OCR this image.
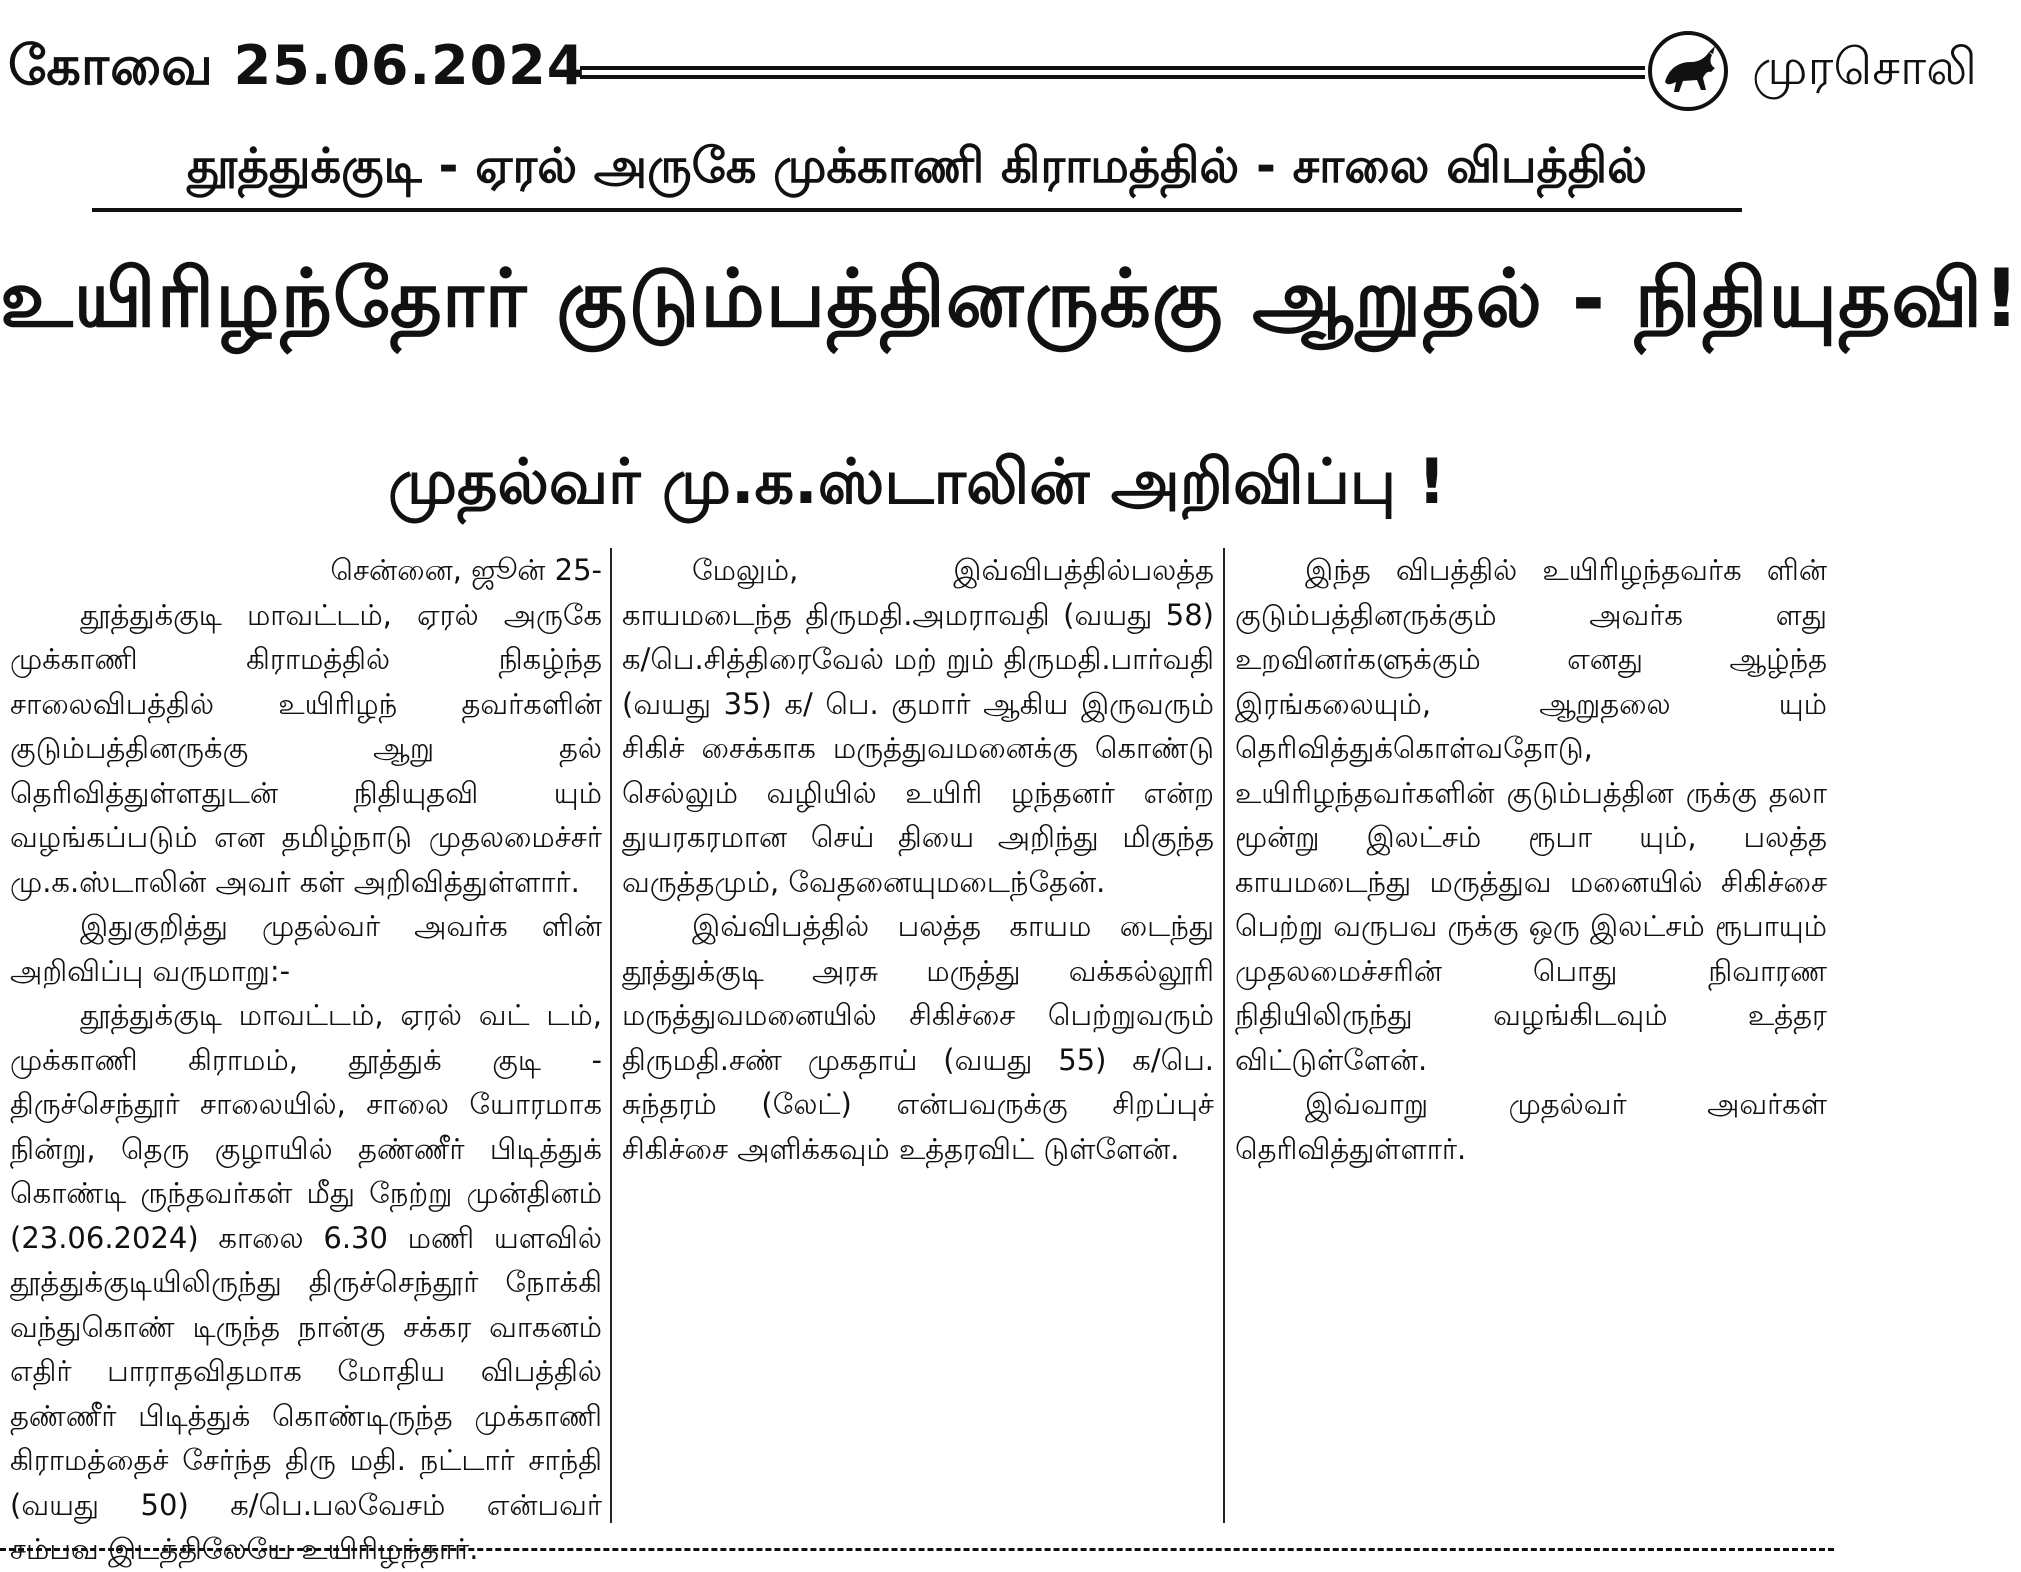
கோவை 25.06.2024	முரசொலி
தூத்துக்குடி - ஏரல் அருகே முக்காணி கிராமத்தில் - சாலை விபத்தில்
உயிரிழந்தோர் குடும்பத்தினருக்கு ஆறுதல் - நிதியுதவி!
முதல்வர் மு.க.ஸ்டாலின் அறிவிப்பு !

சென்னை, ஜூன் 25-

தூத்துக்குடி மாவட்டம், ஏரல் அருகே முக்காணி கிராமத்தில் நிகழ்ந்த சாலைவிபத்தில் உயிரிழந் தவர்களின் குடும்பத்தினருக்கு ஆறு தல் தெரிவித்துள்ளதுடன் நிதியுதவி யும் வழங்கப்படும் என தமிழ்நாடு முதலமைச்சர் மு.க.ஸ்டாலின் அவர் கள் அறிவித்துள்ளார்.

இதுகுறித்து முதல்வர் அவர்க ளின் அறிவிப்பு வருமாறு:-

தூத்துக்குடி மாவட்டம், ஏரல் வட் டம், முக்காணி கிராமம், தூத்துக் குடி - திருச்செந்தூர் சாலையில், சாலை யோரமாக நின்று, தெரு குழாயில் தண்ணீர் பிடித்துக் கொண்டி ருந்தவர்கள் மீது நேற்று முன்தினம் (23.06.2024) காலை 6.30 மணி யளவில் தூத்துக்குடியிலிருந்து திருச்செந்தூர் நோக்கி வந்துகொண் டிருந்த நான்கு சக்கர வாகனம் எதிர் பாராதவிதமாக மோதிய விபத்தில் தண்ணீர் பிடித்துக் கொண்டிருந்த முக்காணி கிராமத்தைச் சேர்ந்த திரு மதி. நட்டார் சாந்தி (வயது 50) க/பெ.பலவேசம் என்பவர் சம்பவ இடத்திலேயே உயிரிழந்தார்.

மேலும், இவ்விபத்தில்பலத்த காயமடைந்த திருமதி.அமராவதி (வயது 58) க/பெ.சித்திரைவேல் மற் றும் திருமதி.பார்வதி (வயது 35) க/ பெ. குமார் ஆகிய இருவரும் சிகிச் சைக்காக மருத்துவமனைக்கு கொண்டு செல்லும் வழியில் உயிரி ழந்தனர் என்ற துயரகரமான செய் தியை அறிந்து மிகுந்த வருத்தமும், வேதனையுமடைந்தேன்.

இவ்விபத்தில் பலத்த காயம டைந்து தூத்துக்குடி அரசு மருத்து வக்கல்லூரி மருத்துவமனையில் சிகிச்சை பெற்றுவரும் திருமதி.சண் முகதாய் (வயது 55) க/பெ. சுந்தரம் (லேட்) என்பவருக்கு சிறப்புச் சிகிச்சை அளிக்கவும் உத்தரவிட் டுள்ளேன்.

இந்த விபத்தில் உயிரிழந்தவர்க ளின் குடும்பத்தினருக்கும் அவர்க ளது உறவினர்களுக்கும் எனது ஆழ்ந்த இரங்கலையும், ஆறுதலை யும் தெரிவித்துக்கொள்வதோடு, உயிரிழந்தவர்களின் குடும்பத்தின ருக்கு தலா மூன்று இலட்சம் ரூபா யும், பலத்த காயமடைந்து மருத்துவ மனையில் சிகிச்சை பெற்று வருபவ ருக்கு ஒரு இலட்சம் ரூபாயும் முதலமைச்சரின் பொது நிவாரண நிதியிலிருந்து வழங்கிடவும் உத்தர விட்டுள்ளேன்.

இவ்வாறு முதல்வர் அவர்கள் தெரிவித்துள்ளார்.
